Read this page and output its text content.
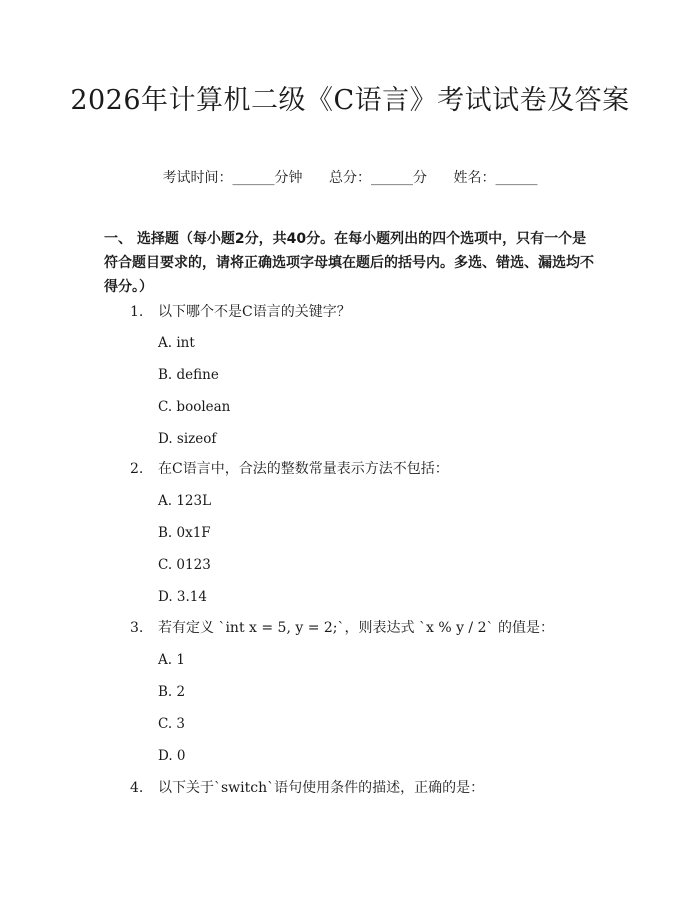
2026年计算机二级《C语言》考试试卷及答案
考试时间：______分钟 总分：______分 姓名：______
一、 选择题（每小题2分，共40分。在每小题列出的四个选项中，只有一个是符合题目要求的，请将正确选项字母填在题后的括号内。多选、错选、漏选均不得分。）
1. 以下哪个不是C语言的关键字？
A. int
B. define
C. boolean
D. sizeof
2. 在C语言中，合法的整数常量表示方法不包括：
A. 123L
B. 0x1F
C. 0123
D. 3.14
3. 若有定义 `int x = 5, y = 2;`，则表达式 `x % y / 2` 的值是：
A. 1
B. 2
C. 3
D. 0
4. 以下关于`switch`语句使用条件的描述，正确的是：
